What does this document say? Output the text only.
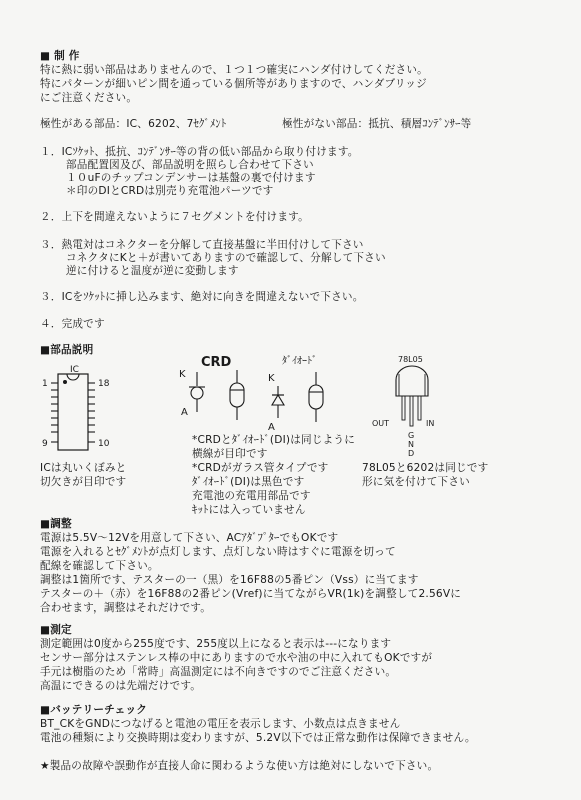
■ 制 作
特に熱に弱い部品はありませんので、１つ１つ確実にハンダ付けしてください。
特にパターンが細いピン間を通っている個所等がありますので、ハンダブリッジ
にご注意ください。
極性がある部品：IC、6202、7ｾｸﾞﾒﾝﾄ	極性がない部品：抵抗、積層ｺﾝﾃﾞﾝｻｰ等
１．ICｿｹｯﾄ、抵抗、ｺﾝﾃﾞﾝｻｰ等の背の低い部品から取り付けます。
部品配置図及び、部品説明を照らし合わせて下さい
１０uFのチップコンデンサーは基盤の裏で付けます
＊印のDIとCRDは別売り充電池パーツです
２．上下を間違えないように７セグメントを付けます。
３．熱電対はコネクターを分解して直接基盤に半田付けして下さい
コネクタにKと＋が書いてありますので確認して、分解して下さい
逆に付けると温度が逆に変動します
３．ICをｿｹｯﾄに挿し込みます、絶対に向きを間違えないで下さい。
４．完成です
■部品説明
IC
1	18
9	10
CRD
K
A
ﾀﾞｲｵｰﾄﾞ
K
A
78L05
OUT	IN
G
N
D
ICは丸いくぼみと
切欠きが目印です
*CRDとﾀﾞｲｵｰﾄﾞ(DI)は同じように
横線が目印です
*CRDがガラス管タイプです
ﾀﾞｲｵｰﾄﾞ(DI)は黒色です
充電池の充電用部品です
ｷｯﾄには入っていません
78L05と6202は同じです
形に気を付けて下さい
■調整
電源は5.5V〜12Vを用意して下さい、ACｱﾀﾞﾌﾟﾀｰでもOKです
電源を入れるとｾｸﾞﾒﾝﾄが点灯します、点灯しない時はすぐに電源を切って
配線を確認して下さい。
調整は1箇所です、テスターの一（黒）を16F88の5番ピン（Vss）に当てます
テスターの＋（赤）を16F88の2番ピン(Vref)に当てながらVR(1k)を調整して2.56Vに
合わせます，調整はそれだけです。
■測定
測定範囲は0度から255度です、255度以上になると表示は---になります
センサー部分はステンレス棒の中にありますので水や油の中に入れてもOKですが
手元は樹脂のため「常時」高温測定には不向きですのでご注意ください。
高温にできるのは先端だけです。
■バッテリーチェック
BT_CKをGNDにつなげると電池の電圧を表示します、小数点は点きません
電池の種類により交換時期は変わりますが、5.2V以下では正常な動作は保障できません。
★製品の故障や誤動作が直接人命に関わるような使い方は絶対にしないで下さい。
